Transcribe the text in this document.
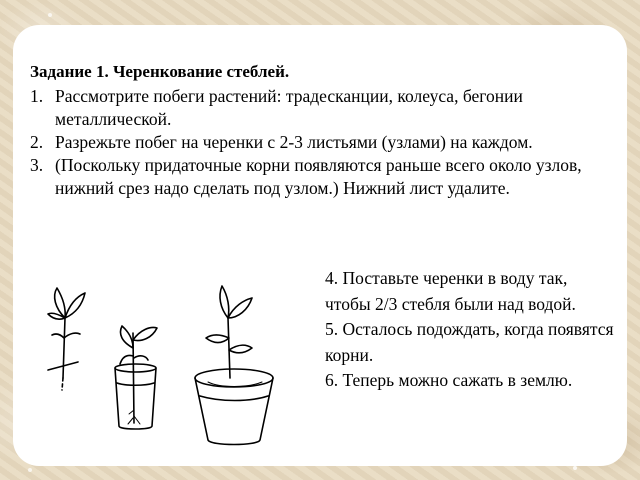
Задание 1. Черенкование стеблей.

1. Рассмотрите побеги растений: традесканции, колеуса, бегонии металлической.
2. Разрежьте побег на черенки с 2-3 листьями (узлами) на каждом.
3. (Поскольку придаточные корни появляются раньше всего около узлов, нижний срез надо сделать под узлом.) Нижний лист удалите.

4. Поставьте черенки в воду так, чтобы 2/3 стебля были над водой.

5. Осталось подождать, когда появятся корни.

6. Теперь можно сажать в землю.
